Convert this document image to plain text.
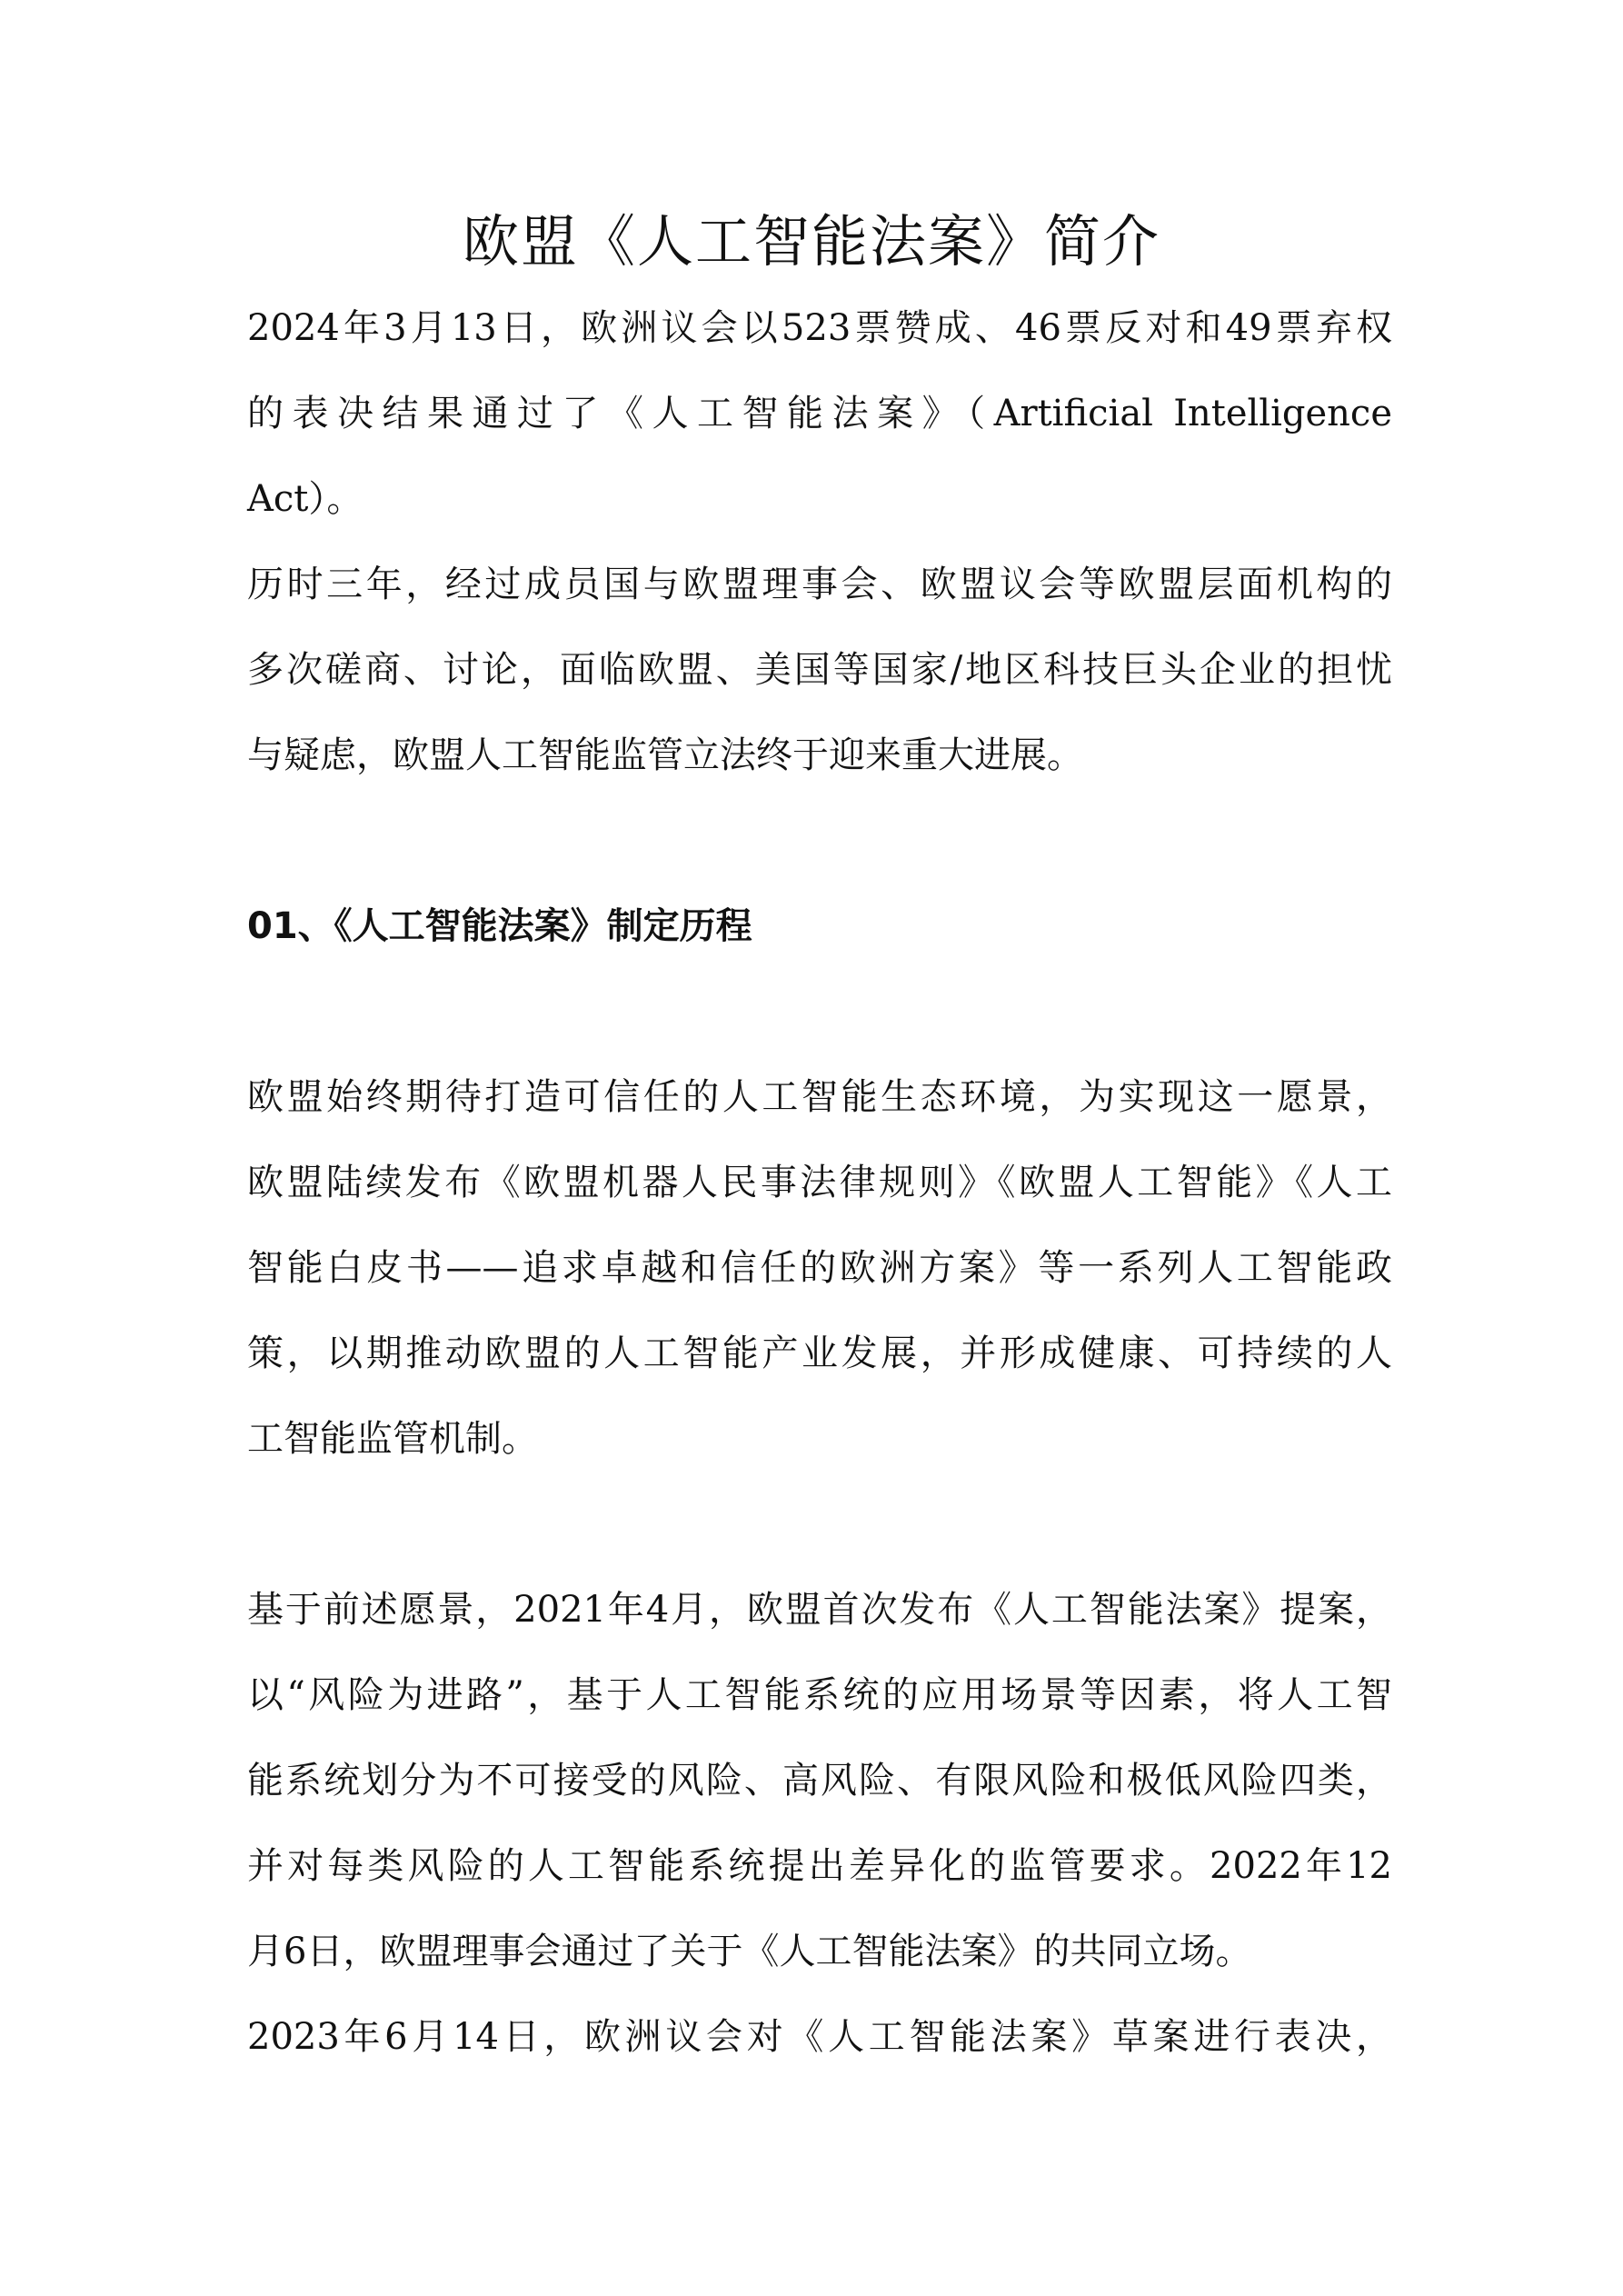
欧盟《人工智能法案》简介
2024年3月13日，欧洲议会以523票赞成、46票反对和49票弃权
的表决结果通过了《人工智能法案》（Artificial Intelligence
Act）。
历时三年，经过成员国与欧盟理事会、欧盟议会等欧盟层面机构的
多次磋商、讨论，面临欧盟、美国等国家/地区科技巨头企业的担忧
与疑虑，欧盟人工智能监管立法终于迎来重大进展。
01、《人工智能法案》制定历程
欧盟始终期待打造可信任的人工智能生态环境，为实现这一愿景，
欧盟陆续发布《欧盟机器人民事法律规则》《欧盟人工智能》《人工
智能白皮书——追求卓越和信任的欧洲方案》等一系列人工智能政
策，以期推动欧盟的人工智能产业发展，并形成健康、可持续的人
工智能监管机制。
基于前述愿景，2021年4月，欧盟首次发布《人工智能法案》提案，
以“风险为进路”，基于人工智能系统的应用场景等因素，将人工智
能系统划分为不可接受的风险、高风险、有限风险和极低风险四类，
并对每类风险的人工智能系统提出差异化的监管要求。2022年12
月6日，欧盟理事会通过了关于《人工智能法案》的共同立场。
2023年6月14日，欧洲议会对《人工智能法案》草案进行表决，
